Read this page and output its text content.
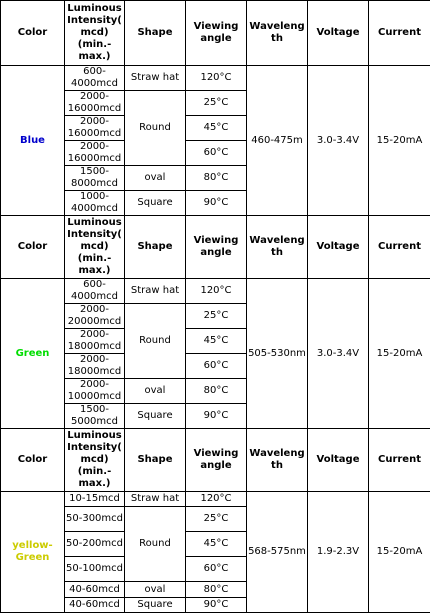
Color	Luminous Intensity( mcd) (min.- max.)	Shape	Viewing angle	Waveleng th	Voltage	Current
Blue	600-4000mcd	Straw hat	120°C	460-475m	3.0-3.4V	15-20mA
	2000-16000mcd	Round	25°C			
	2000-16000mcd		45°C			
	2000-16000mcd		60°C			
	1500-8000mcd	oval	80°C			
	1000-4000mcd	Square	90°C			
Color	Luminous Intensity( mcd) (min.- max.)	Shape	Viewing angle	Waveleng th	Voltage	Current
Green	600-4000mcd	Straw hat	120°C	505-530nm	3.0-3.4V	15-20mA
	2000-20000mcd	Round	25°C			
	2000-18000mcd		45°C			
	2000-18000mcd		60°C			
	2000-10000mcd	oval	80°C			
	1500-5000mcd	Square	90°C			
Color	Luminous Intensity( mcd) (min.- max.)	Shape	Viewing angle	Waveleng th	Voltage	Current
yellow-Green	10-15mcd	Straw hat	120°C	568-575nm	1.9-2.3V	15-20mA
	50-300mcd	Round	25°C			
	50-200mcd		45°C			
	50-100mcd		60°C			
	40-60mcd	oval	80°C			
	40-60mcd	Square	90°C			
